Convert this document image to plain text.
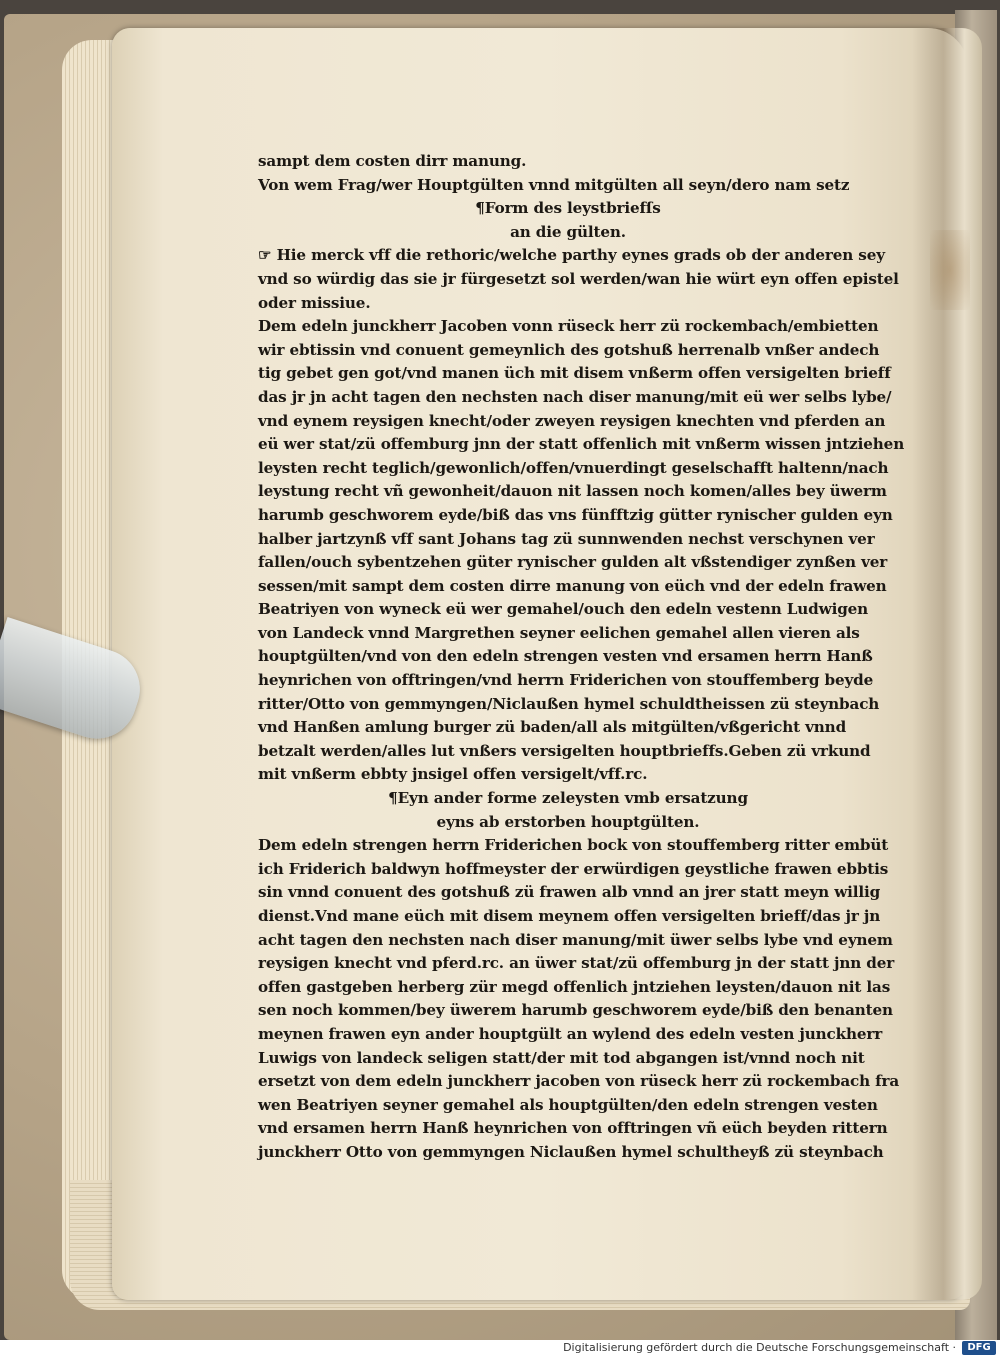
sampt dem costen dirr manung.
Von wem Frag/wer Houptgülten vnnd mitgülten all seyn/dero nam setz
¶Form des leystbriefſs
an die gülten.
☞ Hie merck vff die rethoric/welche parthy eynes grads ob der anderen sey
vnd so würdig das sie jr fürgesetzt sol werden/wan hie würt eyn offen epistel
oder missiue.
Dem edeln junckherr Jacoben vonn rüseck herr zü rockembach/embietten
wir ebtissin vnd conuent gemeynlich des gotshuß herrenalb vnßer andech
tig gebet gen got/vnd manen üch mit disem vnßerm offen versigelten brieff
das jr jn acht tagen den nechsten nach diser manung/mit eü wer selbs lybe/
vnd eynem reysigen knecht/oder zweyen reysigen knechten vnd pferden an
eü wer stat/zü offemburg jnn der statt offenlich mit vnßerm wissen jntziehen
leysten recht teglich/gewonlich/offen/vnuerdingt geselschafft haltenn/nach
leystung recht vñ gewonheit/dauon nit lassen noch komen/alles bey üwerm
harumb geschworem eyde/biß das vns fünfftzig gütter rynischer gulden eyn
halber jartzynß vff sant Johans tag zü sunnwenden nechst verschynen ver
fallen/ouch sybentzehen güter rynischer gulden alt vßstendiger zynßen ver
sessen/mit sampt dem costen dirre manung von eüch vnd der edeln frawen
Beatriyen von wyneck eü wer gemahel/ouch den edeln vestenn Ludwigen
von Landeck vnnd Margrethen seyner eelichen gemahel allen vieren als
houptgülten/vnd von den edeln strengen vesten vnd ersamen herrn Hanß
heynrichen von offtringen/vnd herrn Friderichen von stouffemberg beyde
ritter/Otto von gemmyngen/Niclaußen hymel schuldtheissen zü steynbach
vnd Hanßen amlung burger zü baden/all als mitgülten/vßgericht vnnd
betzalt werden/alles lut vnßers versigelten houptbrieffs.Geben zü vrkund
mit vnßerm ebbty jnsigel offen versigelt/vff.rc.
¶Eyn ander forme zeleysten vmb ersatzung
eyns ab erstorben houptgülten.
Dem edeln strengen herrn Friderichen bock von stouffemberg ritter embüt
ich Friderich baldwyn hoffmeyster der erwürdigen geystliche frawen ebbtis
sin vnnd conuent des gotshuß zü frawen alb vnnd an jrer statt meyn willig
dienst.Vnd mane eüch mit disem meynem offen versigelten brieff/das jr jn
acht tagen den nechsten nach diser manung/mit üwer selbs lybe vnd eynem
reysigen knecht vnd pferd.rc. an üwer stat/zü offemburg jn der statt jnn der
offen gastgeben herberg zür megd offenlich jntziehen leysten/dauon nit las
sen noch kommen/bey üwerem harumb geschworem eyde/biß den benanten
meynen frawen eyn ander houptgült an wylend des edeln vesten junckherr
Luwigs von landeck seligen statt/der mit tod abgangen ist/vnnd noch nit
ersetzt von dem edeln junckherr jacoben von rüseck herr zü rockembach fra
wen Beatriyen seyner gemahel als houptgülten/den edeln strengen vesten
vnd ersamen herrn Hanß heynrichen von offtringen vñ eüch beyden rittern
junckherr Otto von gemmyngen Niclaußen hymel schultheyß zü steynbach
Digitalisierung gefördert durch die Deutsche Forschungsgemeinschaft ·	DFG
